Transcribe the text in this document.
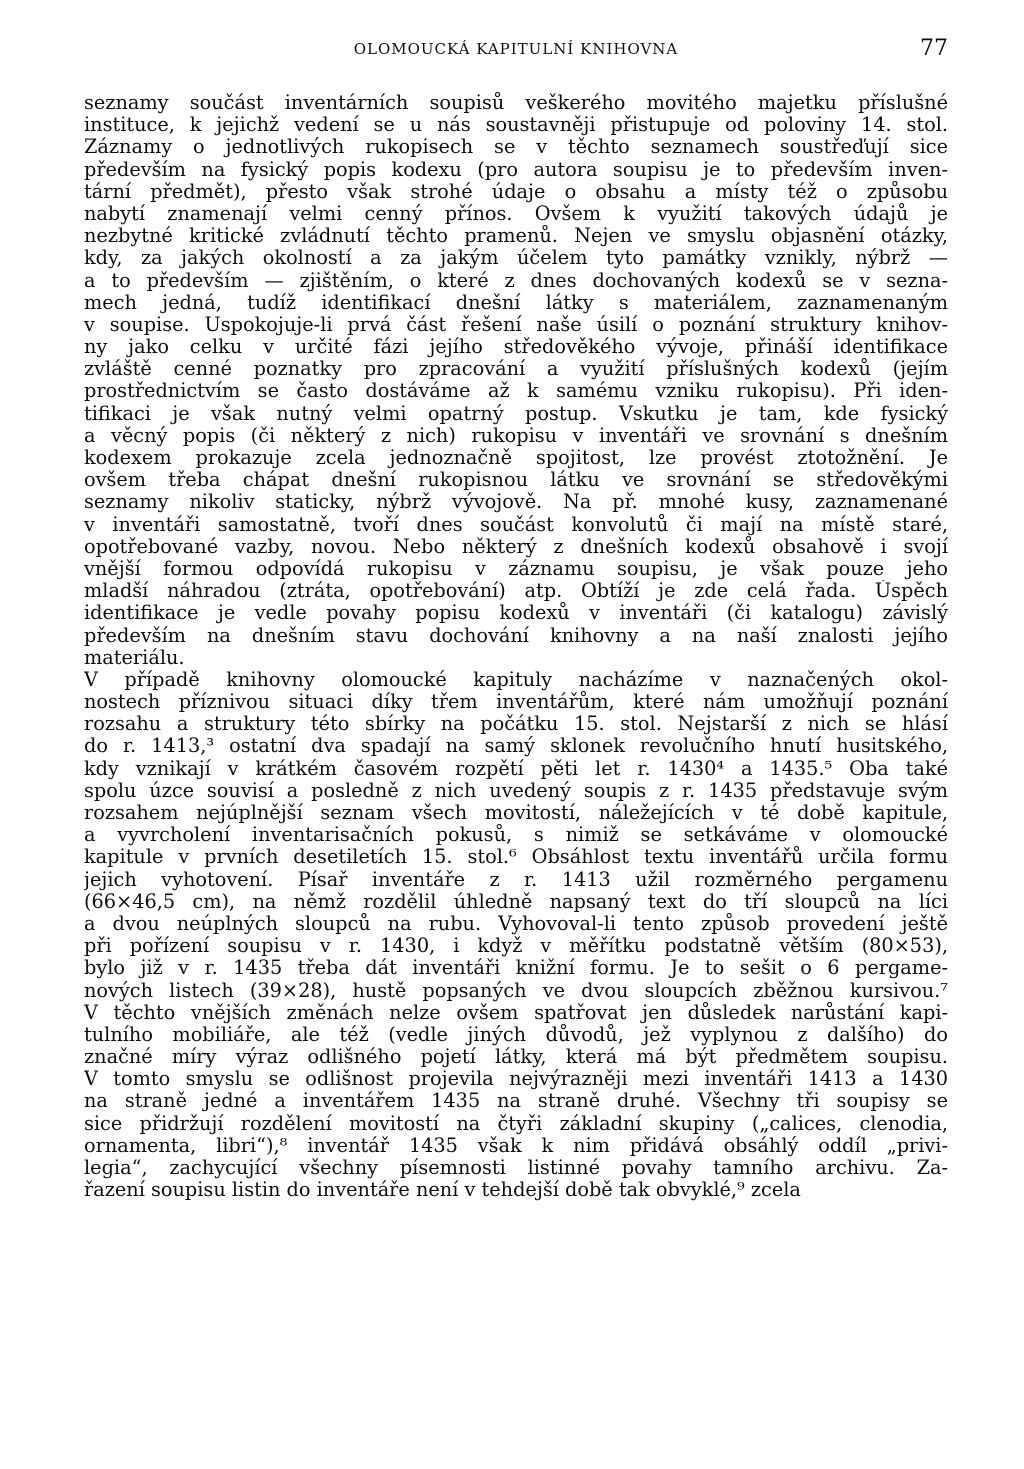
OLOMOUCKÁ KAPITULNÍ KNIHOVNA	77
seznamy součást inventárních soupisů veškerého movitého majetku příslušné
instituce, k jejichž vedení se u nás soustavněji přistupuje od poloviny 14. stol.
Záznamy o jednotlivých rukopisech se v těchto seznamech soustřeďují sice
především na fysický popis kodexu (pro autora soupisu je to především inven-
tární předmět), přesto však strohé údaje o obsahu a místy též o způsobu
nabytí znamenají velmi cenný přínos. Ovšem k využití takových údajů je
nezbytné kritické zvládnutí těchto pramenů. Nejen ve smyslu objasnění otázky,
kdy, za jakých okolností a za jakým účelem tyto památky vznikly, nýbrž —
a to především — zjištěním, o které z dnes dochovaných kodexů se v sezna-
mech jedná, tudíž identifikací dnešní látky s materiálem, zaznamenaným
v soupise. Uspokojuje-li prvá část řešení naše úsilí o poznání struktury knihov-
ny jako celku v určité fázi jejího středověkého vývoje, přináší identifikace
zvláště cenné poznatky pro zpracování a využití příslušných kodexů (jejím
prostřednictvím se často dostáváme až k samému vzniku rukopisu). Při iden-
tifikaci je však nutný velmi opatrný postup. Vskutku je tam, kde fysický
a věcný popis (či některý z nich) rukopisu v inventáři ve srovnání s dnešním
kodexem prokazuje zcela jednoznačně spojitost, lze provést ztotožnění. Je
ovšem třeba chápat dnešní rukopisnou látku ve srovnání se středověkými
seznamy nikoliv staticky, nýbrž vývojově. Na př. mnohé kusy, zaznamenané
v inventáři samostatně, tvoří dnes součást konvolutů či mají na místě staré,
opotřebované vazby, novou. Nebo některý z dnešních kodexů obsahově i svojí
vnější formou odpovídá rukopisu v záznamu soupisu, je však pouze jeho
mladší náhradou (ztráta, opotřebování) atp. Obtíží je zde celá řada. Úspěch
identifikace je vedle povahy popisu kodexů v inventáři (či katalogu) závislý
především na dnešním stavu dochování knihovny a na naší znalosti jejího
materiálu.
V případě knihovny olomoucké kapituly nacházíme v naznačených okol-
nostech příznivou situaci díky třem inventářům, které nám umožňují poznání
rozsahu a struktury této sbírky na počátku 15. stol. Nejstarší z nich se hlásí
do r. 1413,³ ostatní dva spadají na samý sklonek revolučního hnutí husitského,
kdy vznikají v krátkém časovém rozpětí pěti let r. 1430⁴ a 1435.⁵ Oba také
spolu úzce souvisí a posledně z nich uvedený soupis z r. 1435 představuje svým
rozsahem nejúplnější seznam všech movitostí, náležejících v té době kapitule,
a vyvrcholení inventarisačních pokusů, s nimiž se setkáváme v olomoucké
kapitule v prvních desetiletích 15. stol.⁶ Obsáhlost textu inventářů určila formu
jejich vyhotovení. Písař inventáře z r. 1413 užil rozměrného pergamenu
(66×46,5 cm), na němž rozdělil úhledně napsaný text do tří sloupců na líci
a dvou neúplných sloupců na rubu. Vyhovoval-li tento způsob provedení ještě
při pořízení soupisu v r. 1430, i když v měřítku podstatně větším (80×53),
bylo již v r. 1435 třeba dát inventáři knižní formu. Je to sešit o 6 pergame-
nových listech (39×28), hustě popsaných ve dvou sloupcích zběžnou kursivou.⁷
V těchto vnějších změnách nelze ovšem spatřovat jen důsledek narůstání kapi-
tulního mobiliáře, ale též (vedle jiných důvodů, jež vyplynou z dalšího) do
značné míry výraz odlišného pojetí látky, která má být předmětem soupisu.
V tomto smyslu se odlišnost projevila nejvýrazněji mezi inventáři 1413 a 1430
na straně jedné a inventářem 1435 na straně druhé. Všechny tři soupisy se
sice přidržují rozdělení movitostí na čtyři základní skupiny („calices, clenodia,
ornamenta, libri“),⁸ inventář 1435 však k nim přidává obsáhlý oddíl „privi-
legia“, zachycující všechny písemnosti listinné povahy tamního archivu. Za-
řazení soupisu listin do inventáře není v tehdejší době tak obvyklé,⁹ zcela
